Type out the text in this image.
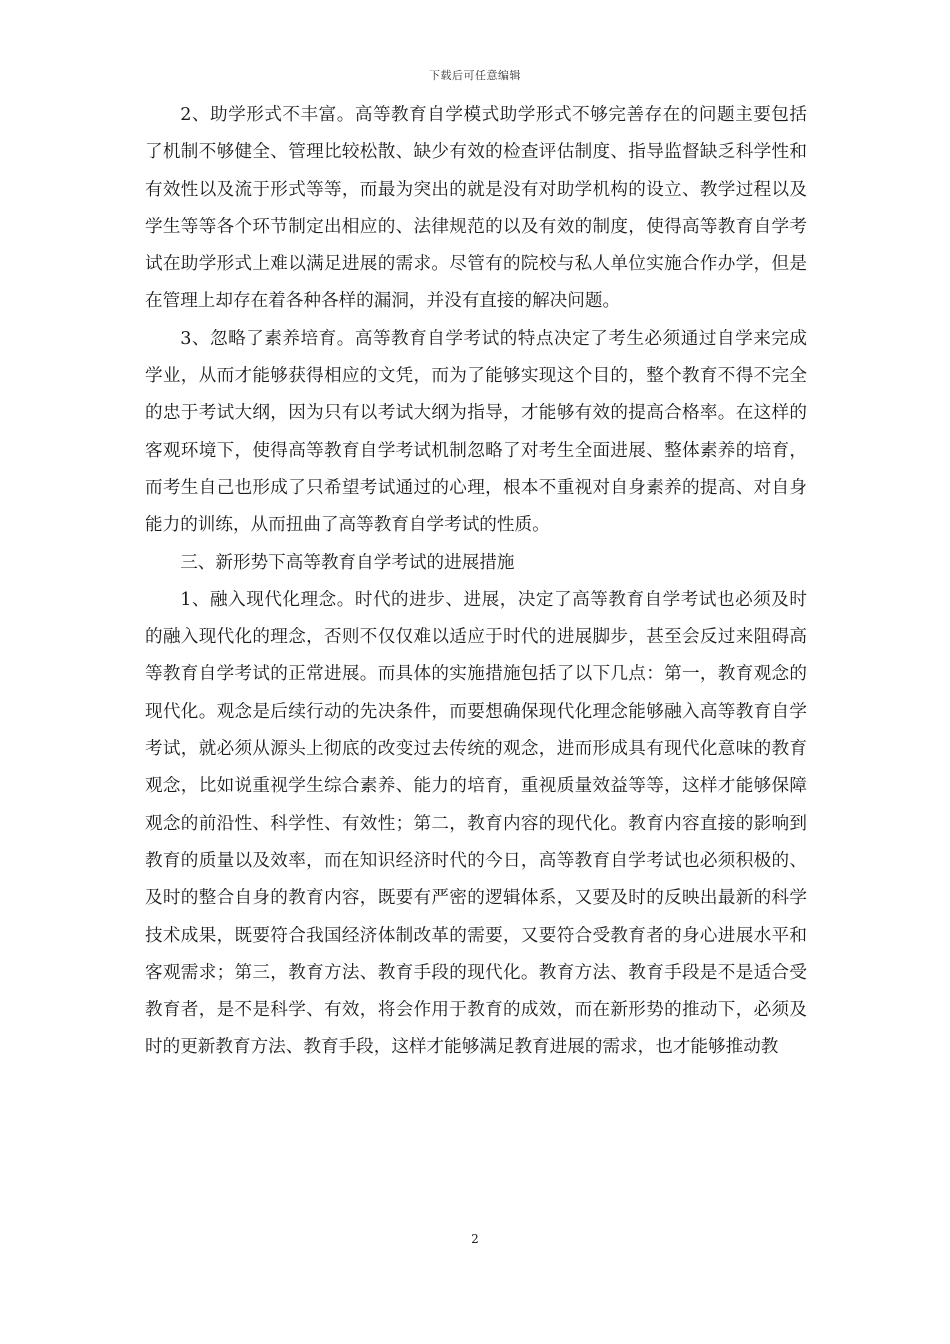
下载后可任意编辑

2、助学形式不丰富。高等教育自学模式助学形式不够完善存在的问题主要包括了机制不够健全、管理比较松散、缺少有效的检查评估制度、指导监督缺乏科学性和有效性以及流于形式等等，而最为突出的就是没有对助学机构的设立、教学过程以及学生等等各个环节制定出相应的、法律规范的以及有效的制度，使得高等教育自学考试在助学形式上难以满足进展的需求。尽管有的院校与私人单位实施合作办学，但是在管理上却存在着各种各样的漏洞，并没有直接的解决问题。

3、忽略了素养培育。高等教育自学考试的特点决定了考生必须通过自学来完成学业，从而才能够获得相应的文凭，而为了能够实现这个目的，整个教育不得不完全的忠于考试大纲，因为只有以考试大纲为指导，才能够有效的提高合格率。在这样的客观环境下，使得高等教育自学考试机制忽略了对考生全面进展、整体素养的培育，而考生自己也形成了只希望考试通过的心理，根本不重视对自身素养的提高、对自身能力的训练，从而扭曲了高等教育自学考试的性质。

三、新形势下高等教育自学考试的进展措施

1、融入现代化理念。时代的进步、进展，决定了高等教育自学考试也必须及时的融入现代化的理念，否则不仅仅难以适应于时代的进展脚步，甚至会反过来阻碍高等教育自学考试的正常进展。而具体的实施措施包括了以下几点：第一，教育观念的现代化。观念是后续行动的先决条件，而要想确保现代化理念能够融入高等教育自学考试，就必须从源头上彻底的改变过去传统的观念，进而形成具有现代化意味的教育观念，比如说重视学生综合素养、能力的培育，重视质量效益等等，这样才能够保障观念的前沿性、科学性、有效性；第二，教育内容的现代化。教育内容直接的影响到教育的质量以及效率，而在知识经济时代的今日，高等教育自学考试也必须积极的、及时的整合自身的教育内容，既要有严密的逻辑体系，又要及时的反映出最新的科学技术成果，既要符合我国经济体制改革的需要，又要符合受教育者的身心进展水平和客观需求；第三，教育方法、教育手段的现代化。教育方法、教育手段是不是适合受教育者，是不是科学、有效，将会作用于教育的成效，而在新形势的推动下，必须及时的更新教育方法、教育手段，这样才能够满足教育进展的需求，也才能够推动教

2
